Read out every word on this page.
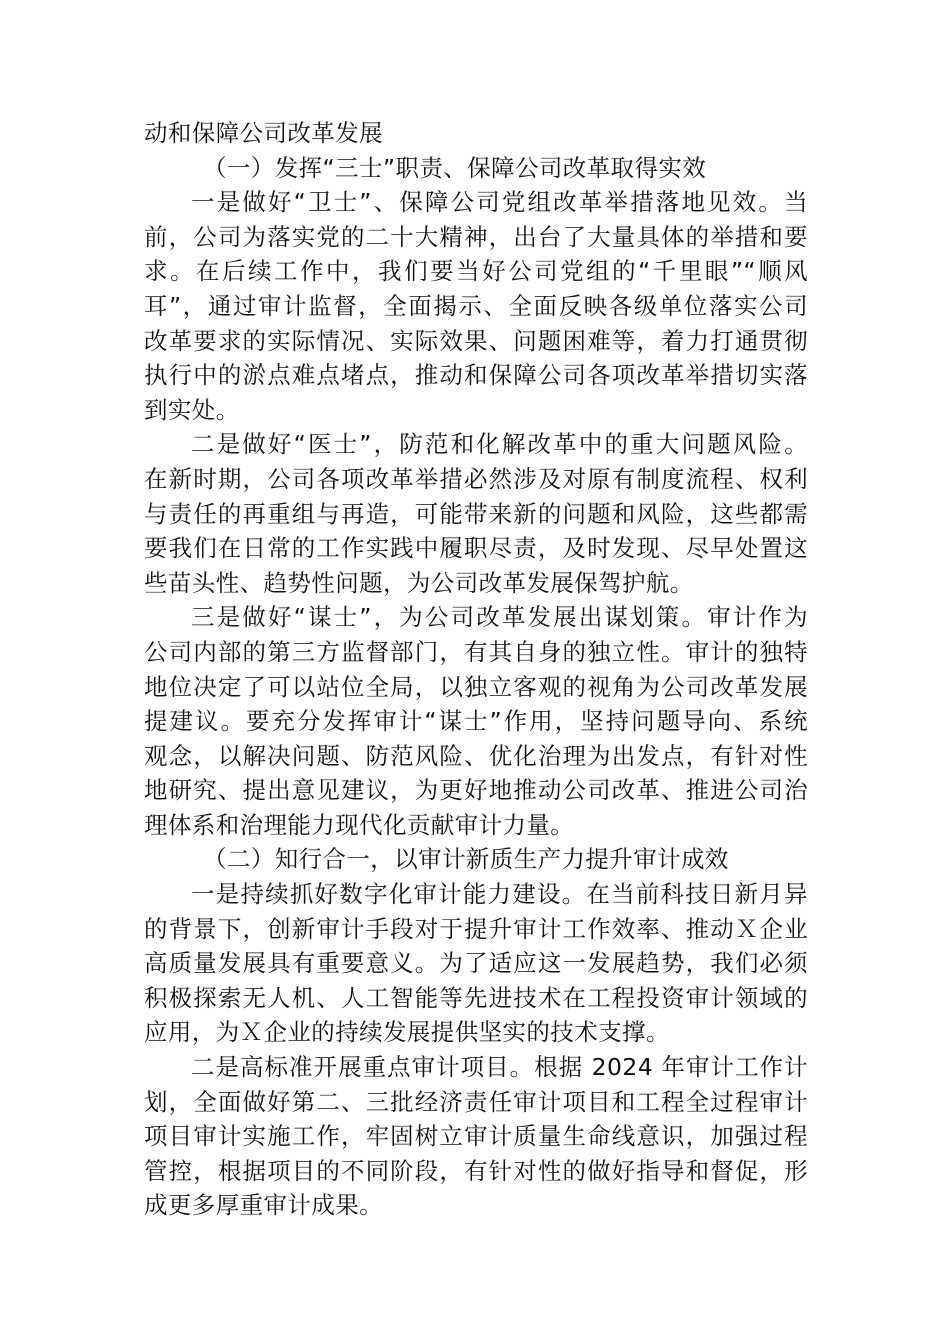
动和保障公司改革发展
（一）发挥“三士”职责、保障公司改革取得实效
一是做好“卫士”、保障公司党组改革举措落地见效。当
前，公司为落实党的二十大精神，出台了大量具体的举措和要
求。在后续工作中，我们要当好公司党组的“千里眼”“顺风
耳”，通过审计监督，全面揭示、全面反映各级单位落实公司
改革要求的实际情况、实际效果、问题困难等，着力打通贯彻
执行中的淤点难点堵点，推动和保障公司各项改革举措切实落
到实处。
二是做好“医士”，防范和化解改革中的重大问题风险。
在新时期，公司各项改革举措必然涉及对原有制度流程、权利
与责任的再重组与再造，可能带来新的问题和风险，这些都需
要我们在日常的工作实践中履职尽责，及时发现、尽早处置这
些苗头性、趋势性问题，为公司改革发展保驾护航。
三是做好“谋士”，为公司改革发展出谋划策。审计作为
公司内部的第三方监督部门，有其自身的独立性。审计的独特
地位决定了可以站位全局，以独立客观的视角为公司改革发展
提建议。要充分发挥审计“谋士”作用，坚持问题导向、系统
观念，以解决问题、防范风险、优化治理为出发点，有针对性
地研究、提出意见建议，为更好地推动公司改革、推进公司治
理体系和治理能力现代化贡献审计力量。
（二）知行合一，以审计新质生产力提升审计成效
一是持续抓好数字化审计能力建设。在当前科技日新月异
的背景下，创新审计手段对于提升审计工作效率、推动Ｘ企业
高质量发展具有重要意义。为了适应这一发展趋势，我们必须
积极探索无人机、人工智能等先进技术在工程投资审计领域的
应用，为Ｘ企业的持续发展提供坚实的技术支撑。
二是高标准开展重点审计项目。根据 2024 年审计工作计
划，全面做好第二、三批经济责任审计项目和工程全过程审计
项目审计实施工作，牢固树立审计质量生命线意识，加强过程
管控，根据项目的不同阶段，有针对性的做好指导和督促，形
成更多厚重审计成果。
